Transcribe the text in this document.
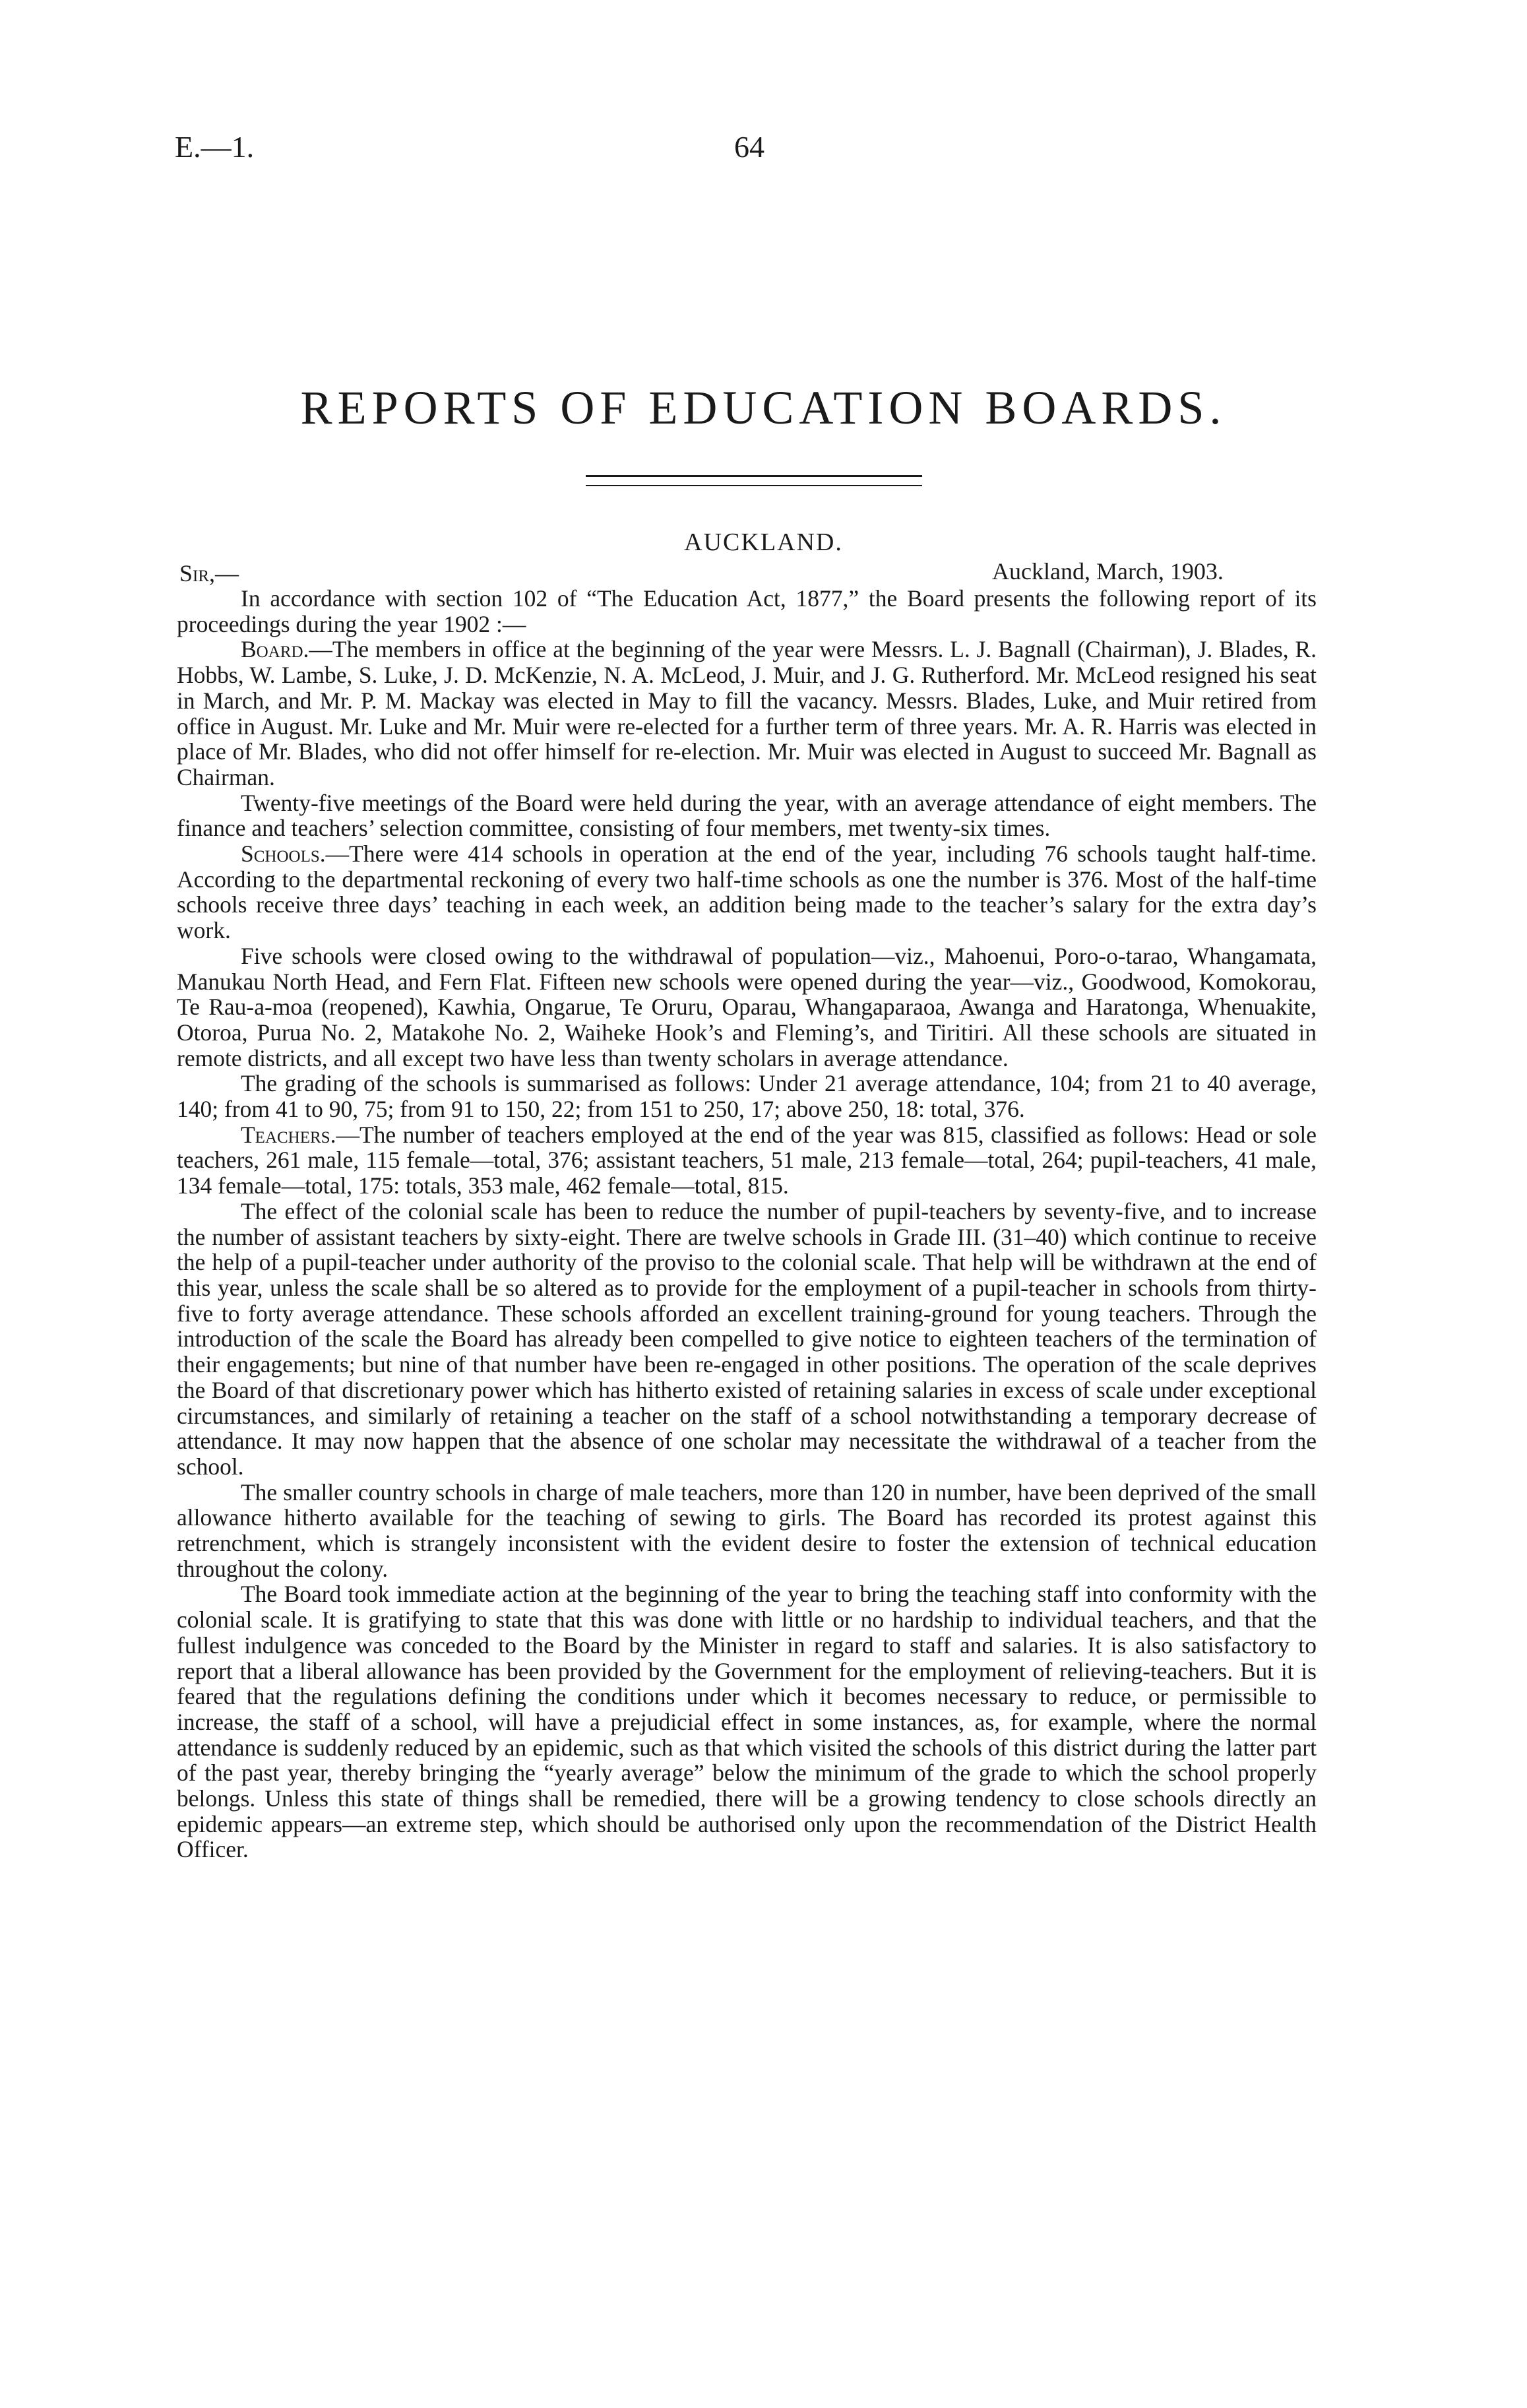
E.—1.	64
REPORTS OF EDUCATION BOARDS.
AUCKLAND.
Sir,—	Auckland, March, 1903.

In accordance with section 102 of “The Education Act, 1877,” the Board presents the following report of its proceedings during the year 1902 :—

Board.—The members in office at the beginning of the year were Messrs. L. J. Bagnall (Chairman), J. Blades, R. Hobbs, W. Lambe, S. Luke, J. D. McKenzie, N. A. McLeod, J. Muir, and J. G. Rutherford. Mr. McLeod resigned his seat in March, and Mr. P. M. Mackay was elected in May to fill the vacancy. Messrs. Blades, Luke, and Muir retired from office in August. Mr. Luke and Mr. Muir were re-elected for a further term of three years. Mr. A. R. Harris was elected in place of Mr. Blades, who did not offer himself for re-election. Mr. Muir was elected in August to succeed Mr. Bagnall as Chairman.

Twenty-five meetings of the Board were held during the year, with an average attendance of eight members. The finance and teachers’ selection committee, consisting of four members, met twenty-six times.

Schools.—There were 414 schools in operation at the end of the year, including 76 schools taught half-time. According to the departmental reckoning of every two half-time schools as one the number is 376. Most of the half-time schools receive three days’ teaching in each week, an addition being made to the teacher’s salary for the extra day’s work.

Five schools were closed owing to the withdrawal of population—viz., Mahoenui, Poro-o-tarao, Whangamata, Manukau North Head, and Fern Flat. Fifteen new schools were opened during the year—viz., Goodwood, Komokorau, Te Rau-a-moa (reopened), Kawhia, Ongarue, Te Oruru, Oparau, Whangaparaoa, Awanga and Haratonga, Whenuakite, Otoroa, Purua No. 2, Matakohe No. 2, Waiheke Hook’s and Fleming’s, and Tiritiri. All these schools are situated in remote districts, and all except two have less than twenty scholars in average attendance.

The grading of the schools is summarised as follows: Under 21 average attendance, 104; from 21 to 40 average, 140; from 41 to 90, 75; from 91 to 150, 22; from 151 to 250, 17; above 250, 18: total, 376.

Teachers.—The number of teachers employed at the end of the year was 815, classified as follows: Head or sole teachers, 261 male, 115 female—total, 376; assistant teachers, 51 male, 213 female—total, 264; pupil-teachers, 41 male, 134 female—total, 175: totals, 353 male, 462 female—total, 815.

The effect of the colonial scale has been to reduce the number of pupil-teachers by seventy-five, and to increase the number of assistant teachers by sixty-eight. There are twelve schools in Grade III. (31–40) which continue to receive the help of a pupil-teacher under authority of the proviso to the colonial scale. That help will be withdrawn at the end of this year, unless the scale shall be so altered as to provide for the employment of a pupil-teacher in schools from thirty-five to forty average attendance. These schools afforded an excellent training-ground for young teachers. Through the introduction of the scale the Board has already been compelled to give notice to eighteen teachers of the termination of their engagements; but nine of that number have been re-engaged in other positions. The operation of the scale deprives the Board of that discretionary power which has hitherto existed of retaining salaries in excess of scale under exceptional circumstances, and similarly of retaining a teacher on the staff of a school notwithstanding a temporary decrease of attendance. It may now happen that the absence of one scholar may necessitate the withdrawal of a teacher from the school.

The smaller country schools in charge of male teachers, more than 120 in number, have been deprived of the small allowance hitherto available for the teaching of sewing to girls. The Board has recorded its protest against this retrenchment, which is strangely inconsistent with the evident desire to foster the extension of technical education throughout the colony.

The Board took immediate action at the beginning of the year to bring the teaching staff into conformity with the colonial scale. It is gratifying to state that this was done with little or no hardship to individual teachers, and that the fullest indulgence was conceded to the Board by the Minister in regard to staff and salaries. It is also satisfactory to report that a liberal allowance has been provided by the Government for the employment of relieving-teachers. But it is feared that the regulations defining the conditions under which it becomes necessary to reduce, or permissible to increase, the staff of a school, will have a prejudicial effect in some instances, as, for example, where the normal attendance is suddenly reduced by an epidemic, such as that which visited the schools of this district during the latter part of the past year, thereby bringing the “yearly average” below the minimum of the grade to which the school properly belongs. Unless this state of things shall be remedied, there will be a growing tendency to close schools directly an epidemic appears—an extreme step, which should be authorised only upon the recommendation of the District Health Officer.
